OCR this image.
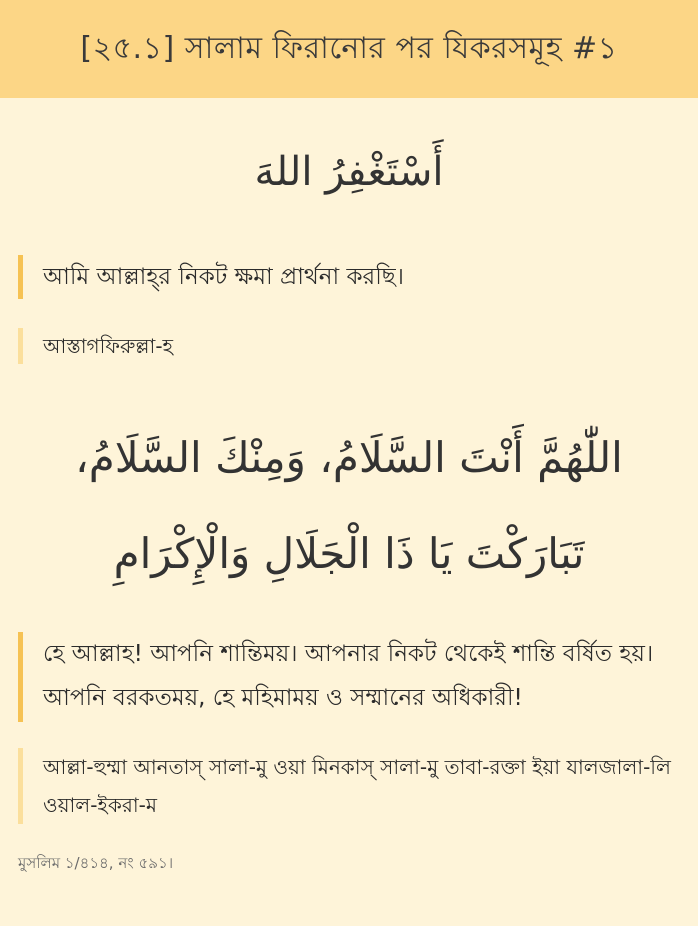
[২৫.১] সালাম ফিরানোর পর যিকরসমূহ #১
أَسْتَغْفِرُ اللهَ
আমি আল্লাহ্‌র নিকট ক্ষমা প্রার্থনা করছি।
আস্তাগফিরুল্লা-হ
اللّٰهُمَّ أَنْتَ السَّلَامُ، وَمِنْكَ السَّلَامُ، تَبَارَكْتَ يَا ذَا الْجَلَالِ وَالْإِكْرَامِ
হে আল্লাহ! আপনি শান্তিময়। আপনার নিকট থেকেই শান্তি বর্ষিত হয়। আপনি বরকতময়, হে মহিমাময় ও সম্মানের অধিকারী!
আল্লা-হুম্মা আনতাস্ সালা-মু ওয়া মিনকাস্ সালা-মু তাবা-রক্তা ইয়া যালজালা-লি ওয়াল-ইকরা-ম
মুসলিম ১/৪১৪, নং ৫৯১।
